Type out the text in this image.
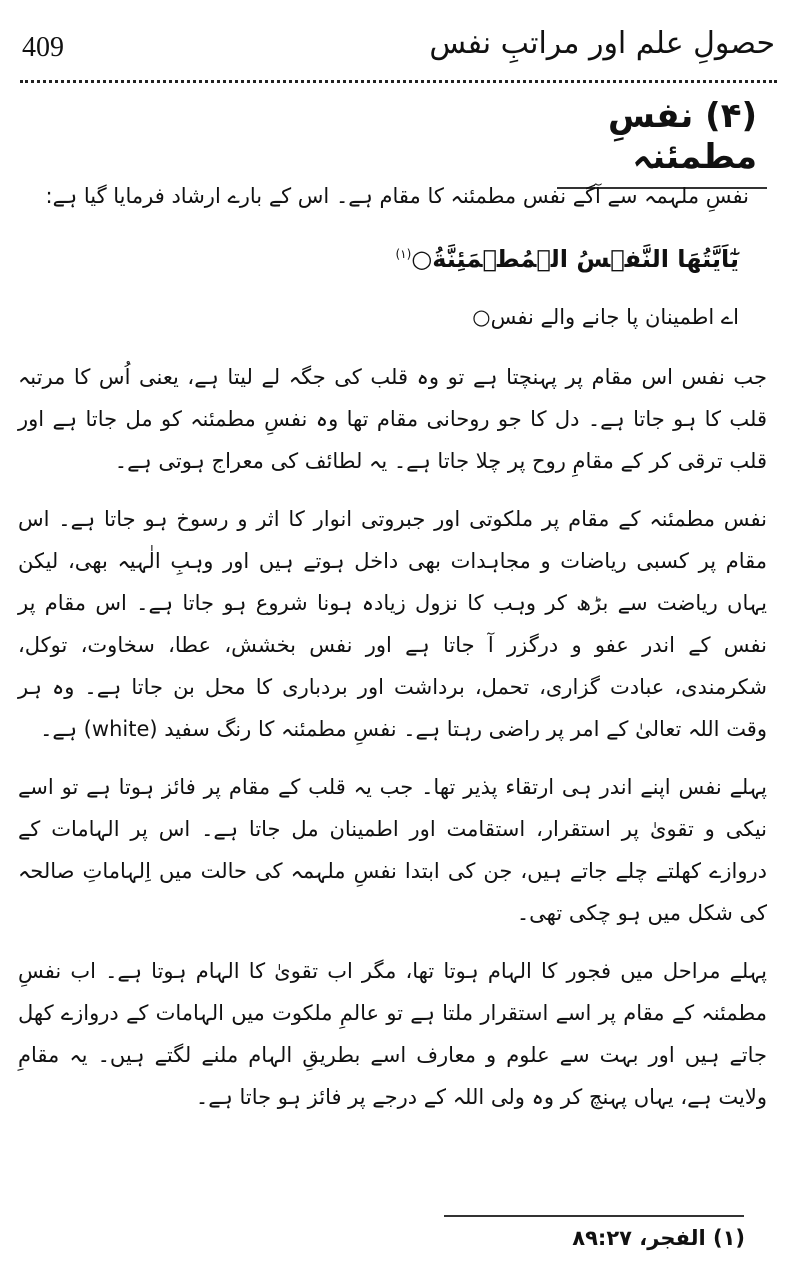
409	حصولِ علم اور مراتبِ نفس
(۴) نفسِ مطمئنہ

نفسِ ملہمہ سے آگے نفس مطمئنہ کا مقام ہے۔ اس کے بارے ارشاد فرمایا گیا ہے:

یٰٓاَیَّتُهَا النَّفۡسُ الۡمُطۡمَئِنَّةُ○$^{(۱)}$

اے اطمینان پا جانے والے نفس○

جب نفس اس مقام پر پہنچتا ہے تو وہ قلب کی جگہ لے لیتا ہے، یعنی اُس کا مرتبہ قلب کا ہو جاتا ہے۔ دل کا جو روحانی مقام تھا وہ نفسِ مطمئنہ کو مل جاتا ہے اور قلب ترقی کر کے مقامِ روح پر چلا جاتا ہے۔ یہ لطائف کی معراج ہوتی ہے۔

نفس مطمئنہ کے مقام پر ملکوتی اور جبروتی انوار کا اثر و رسوخ ہو جاتا ہے۔ اس مقام پر کسبی ریاضات و مجاہدات بھی داخل ہوتے ہیں اور وہبِ الٰہیہ بھی، لیکن یہاں ریاضت سے بڑھ کر وہب کا نزول زیادہ ہونا شروع ہو جاتا ہے۔ اس مقام پر نفس کے اندر عفو و درگزر آ جاتا ہے اور نفس بخشش، عطا، سخاوت، توکل، شکرمندی، عبادت گزاری، تحمل، برداشت اور بردباری کا محل بن جاتا ہے۔ وہ ہر وقت اللہ تعالیٰ کے امر پر راضی رہتا ہے۔ نفسِ مطمئنہ کا رنگ سفید (white) ہے۔

پہلے نفس اپنے اندر ہی ارتقاء پذیر تھا۔ جب یہ قلب کے مقام پر فائز ہوتا ہے تو اسے نیکی و تقویٰ پر استقرار، استقامت اور اطمینان مل جاتا ہے۔ اس پر الہامات کے دروازے کھلتے چلے جاتے ہیں، جن کی ابتدا نفسِ ملہمہ کی حالت میں اِلہاماتِ صالحہ کی شکل میں ہو چکی تھی۔

پہلے مراحل میں فجور کا الہام ہوتا تھا، مگر اب تقویٰ کا الہام ہوتا ہے۔ اب نفسِ مطمئنہ کے مقام پر اسے استقرار ملتا ہے تو عالمِ ملکوت میں الہامات کے دروازے کھل جاتے ہیں اور بہت سے علوم و معارف اسے بطریقِ الہام ملنے لگتے ہیں۔ یہ مقامِ ولایت ہے، یہاں پہنچ کر وہ ولی اللہ کے درجے پر فائز ہو جاتا ہے۔

(۱) الفجر، ۸۹:۲۷
